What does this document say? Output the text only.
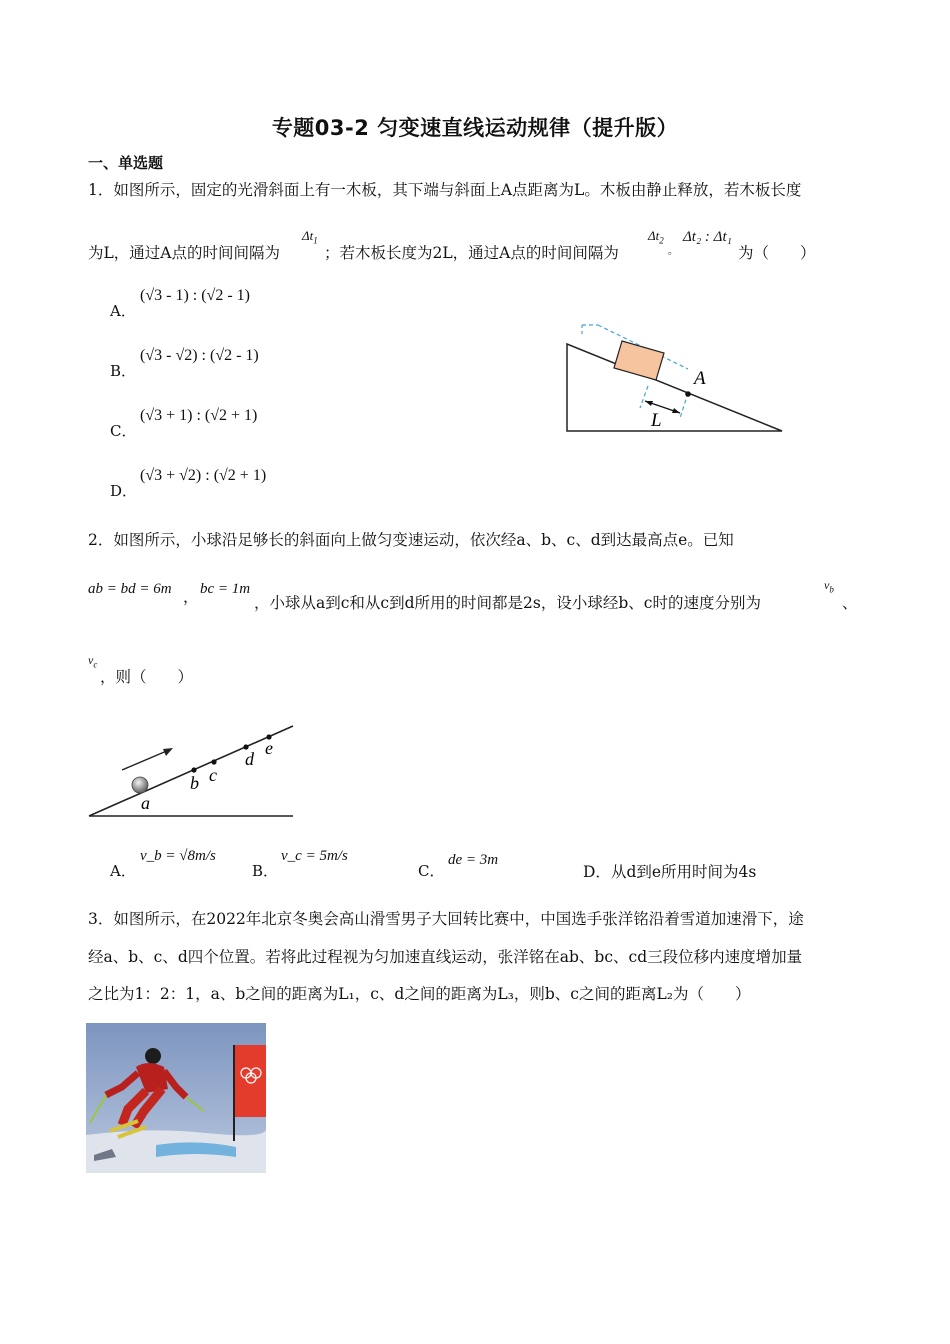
专题03-2 匀变速直线运动规律（提升版）
一、单选题
1．如图所示，固定的光滑斜面上有一木板，其下端与斜面上A点距离为L。木板由静止释放，若木板长度
为L，通过A点的时间间隔为
$\Delta t_1$
；若木板长度为2L，通过A点的时间间隔为
$\Delta t_2$
。
Δt₂ : Δt₁
为（　　）
A．
(√3 - 1) : (√2 - 1)
B．
(√3 - √2) : (√2 - 1)
C．
(√3 + 1) : (√2 + 1)
D．
(√3 + √2) : (√2 + 1)
A
L
2．如图所示，小球沿足够长的斜面向上做匀变速运动，依次经a、b、c、d到达最高点e。已知
ab = bd = 6m ， bc = 1m
，小球从a到c和从c到d所用的时间都是2s，设小球经b、c时的速度分别为
$v_b$
、
$v_c$
，则（　　）
a
b c
d
e
A．
v_b = √8m/s
B．
v_c = 5m/s
C．
de = 3m
D．从d到e所用时间为4s
3．如图所示，在2022年北京冬奥会高山滑雪男子大回转比赛中，中国选手张洋铭沿着雪道加速滑下，途
经a、b、c、d四个位置。若将此过程视为匀加速直线运动，张洋铭在ab、bc、cd三段位移内速度增加量
之比为1：2：1，a、b之间的距离为L₁，c、d之间的距离为L₃，则b、c之间的距离L₂为（　　）
